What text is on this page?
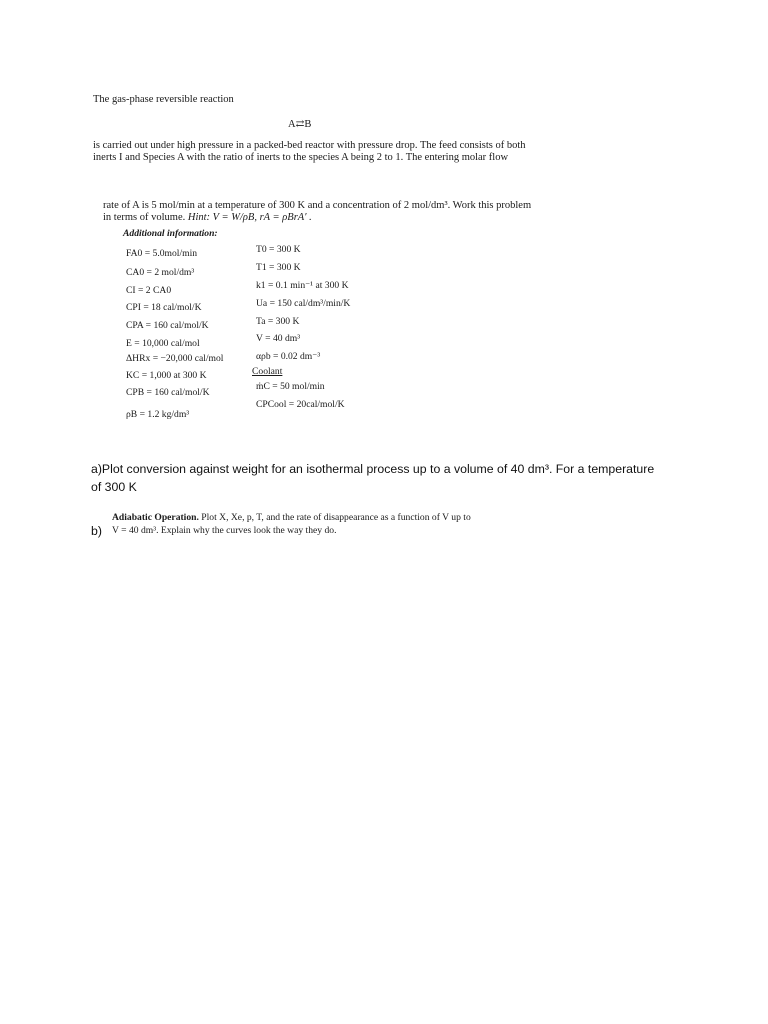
The gas-phase reversible reaction
A⇄B
is carried out under high pressure in a packed-bed reactor with pressure drop. The feed consists of both
inerts I and Species A with the ratio of inerts to the species A being 2 to 1. The entering molar flow
rate of A is 5 mol/min at a temperature of 300 K and a concentration of 2 mol/dm³. Work this problem
in terms of volume. Hint: V = W/ρB, rA = ρBrA′ .
Additional information:
FA0 = 5.0mol/min
CA0 = 2 mol/dm³
CI = 2 CA0
CPI = 18 cal/mol/K
CPA = 160 cal/mol/K
E = 10,000 cal/mol
ΔHRx = −20,000 cal/mol
KC = 1,000 at 300 K
CPB = 160 cal/mol/K
ρB = 1.2 kg/dm³
T0 = 300 K
T1 = 300 K
k1 = 0.1 min⁻¹ at 300 K
Ua = 150 cal/dm³/min/K
Ta = 300 K
V = 40 dm³
αρb = 0.02 dm⁻³
Coolant
ṁC = 50 mol/min
CPCool = 20cal/mol/K
a)Plot conversion against weight for an isothermal process up to a volume of 40 dm³. For a temperature
of 300 K
b)
Adiabatic Operation. Plot X, Xe, p, T, and the rate of disappearance as a function of V up to
V = 40 dm³. Explain why the curves look the way they do.
